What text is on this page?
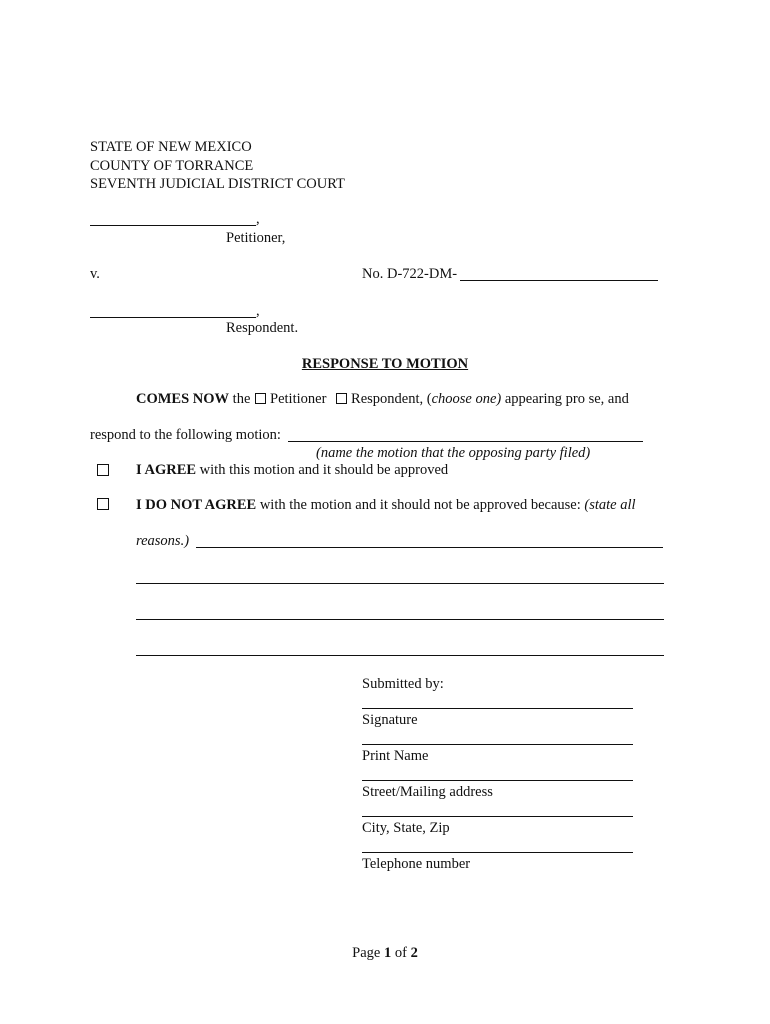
STATE OF NEW MEXICO
COUNTY OF TORRANCE
SEVENTH JUDICIAL DISTRICT COURT
,
Petitioner,
v.	No. D-722-DM-
,
Respondent.
RESPONSE TO MOTION
COMES NOW the Petitioner Respondent, (choose one) appearing pro se, and
respond to the following motion:
(name the motion that the opposing party filed)
I AGREE with this motion and it should be approved
I DO NOT AGREE with the motion and it should not be approved because: (state all
reasons.)
Submitted by:
Signature
Print Name
Street/Mailing address
City, State, Zip
Telephone number
Page 1 of 2
